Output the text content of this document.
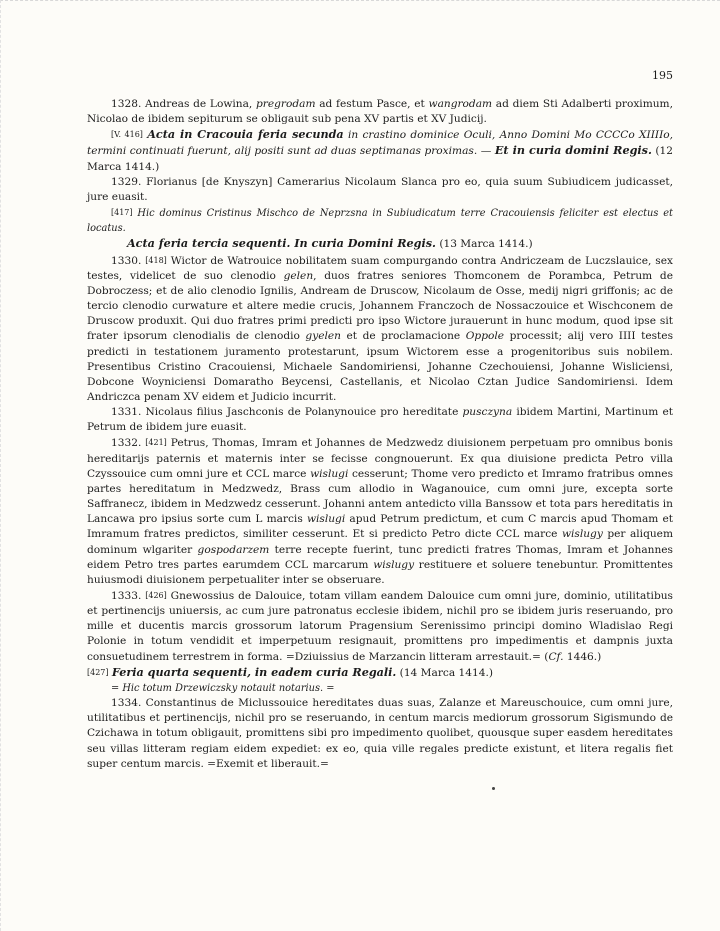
195

1328. Andreas de Lowina, pregrodam ad festum Pasce, et wangrodam ad diem Sti Adalberti proximum, Nicolao de ibidem sepiturum se obligauit sub pena XV partis et XV Judicij.

[V. 416] Acta in Cracouia feria secunda in crastino dominice Oculi, Anno Domini Mo CCCCo XIIIIo, termini continuati fuerunt, alij positi sunt ad duas septimanas proximas. — Et in curia domini Regis. (12 Marca 1414.)

1329. Florianus [de Knyszyn] Camerarius Nicolaum Slanca pro eo, quia suum Subiudicem judicasset, jure euasit.

[417] Hic dominus Cristinus Mischco de Neprzsna in Subiudicatum terre Cracouiensis feliciter est electus et locatus.

Acta feria tercia sequenti. In curia Domini Regis. (13 Marca 1414.)

1330. [418] Wictor de Watrouice nobilitatem suam compurgando contra Andriczeam de Luczslauice, sex testes, videlicet de suo clenodio gelen, duos fratres seniores Thomconem de Porambca, Petrum de Dobroczess; et de alio clenodio Ignilis, Andream de Druscow, Nicolaum de Osse, medij nigri griffonis; ac de tercio clenodio curwature et altere medie crucis, Johannem Franczoch de Nossaczouice et Wischconem de Druscow produxit. Qui duo fratres primi predicti pro ipso Wictore jurauerunt in hunc modum, quod ipse sit frater ipsorum clenodialis de clenodio gyelen et de proclamacione Oppole processit; alij vero IIII testes predicti in testationem juramento protestarunt, ipsum Wictorem esse a progenitoribus suis nobilem. Presentibus Cristino Cracouiensi, Michaele Sandomiriensi, Johanne Czechouiensi, Johanne Wisliciensi, Dobcone Woyniciensi Domaratho Beycensi, Castellanis, et Nicolao Cztan Judice Sandomiriensi. Idem Andriczca penam XV eidem et Judicio incurrit.

1331. Nicolaus filius Jaschconis de Polanynouice pro hereditate pusczyna ibidem Martini, Martinum et Petrum de ibidem jure euasit.

1332. [421] Petrus, Thomas, Imram et Johannes de Medzwedz diuisionem perpetuam pro omnibus bonis hereditarijs paternis et maternis inter se fecisse congnouerunt. Ex qua diuisione predicta Petro villa Czyssouice cum omni jure et CCL marce wislugi cesserunt; Thome vero predicto et Imramo fratribus omnes partes hereditatum in Medzwedz, Brass cum allodio in Waganouice, cum omni jure, excepta sorte Saffranecz, ibidem in Medzwedz cesserunt. Johanni antem antedicto villa Banssow et tota pars hereditatis in Lancawa pro ipsius sorte cum L marcis wislugi apud Petrum predictum, et cum C marcis apud Thomam et Imramum fratres predictos, similiter cesserunt. Et si predicto Petro dicte CCL marce wislugy per aliquem dominum wlgariter gospodarzem terre recepte fuerint, tunc predicti fratres Thomas, Imram et Johannes eidem Petro tres partes earumdem CCL marcarum wislugy restituere et soluere tenebuntur. Promittentes huiusmodi diuisionem perpetualiter inter se obseruare.

1333. [426] Gnewossius de Dalouice, totam villam eandem Dalouice cum omni jure, dominio, utilitatibus et pertinencijs uniuersis, ac cum jure patronatus ecclesie ibidem, nichil pro se ibidem juris reseruando, pro mille et ducentis marcis grossorum latorum Pragensium Serenissimo principi domino Wladislao Regi Polonie in totum vendidit et imperpetuum resignauit, promittens pro impedimentis et dampnis juxta consuetudinem terrestrem in forma. =Dziuissius de Marzancin litteram arrestauit.= (Cf. 1446.)

[427] Feria quarta sequenti, in eadem curia Regali. (14 Marca 1414.)

= Hic totum Drzewiczsky notauit notarius. =

1334. Constantinus de Miclussouice hereditates duas suas, Zalanze et Mareuschouice, cum omni jure, utilitatibus et pertinencijs, nichil pro se reseruando, in centum marcis mediorum grossorum Sigismundo de Czichawa in totum obligauit, promittens sibi pro impedimento quolibet, quousque super easdem hereditates seu villas litteram regiam eidem expediet: ex eo, quia ville regales predicte existunt, et litera regalis fiet super centum marcis. =Exemit et liberauit.=
